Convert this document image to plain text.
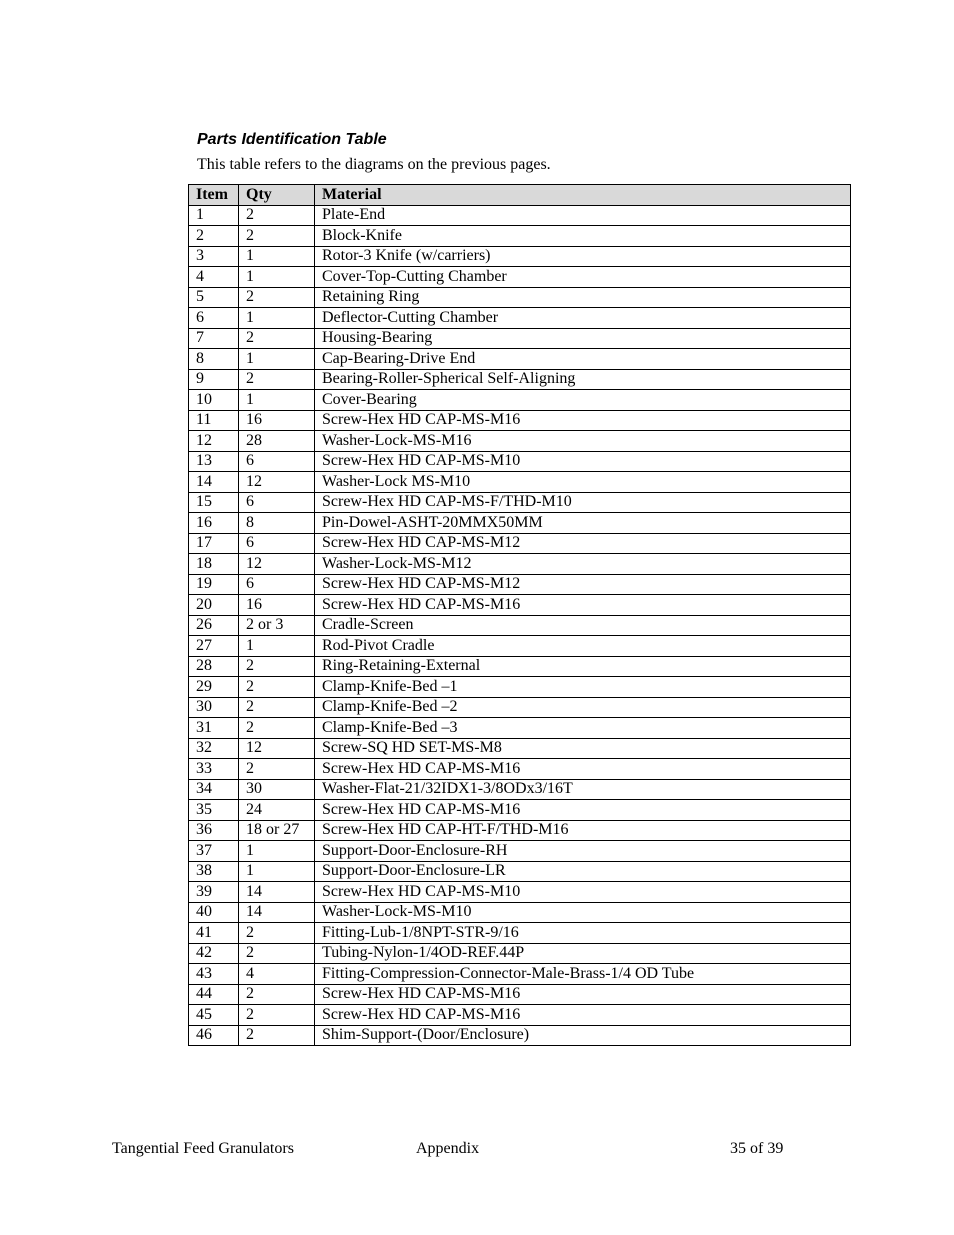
Parts Identification Table

This table refers to the diagrams on the previous pages.

Item	Qty	Material
1	2	Plate-End
2	2	Block-Knife
3	1	Rotor-3 Knife (w/carriers)
4	1	Cover-Top-Cutting Chamber
5	2	Retaining Ring
6	1	Deflector-Cutting Chamber
7	2	Housing-Bearing
8	1	Cap-Bearing-Drive End
9	2	Bearing-Roller-Spherical Self-Aligning
10	1	Cover-Bearing
11	16	Screw-Hex HD CAP-MS-M16
12	28	Washer-Lock-MS-M16
13	6	Screw-Hex HD CAP-MS-M10
14	12	Washer-Lock MS-M10
15	6	Screw-Hex HD CAP-MS-F/THD-M10
16	8	Pin-Dowel-ASHT-20MMX50MM
17	6	Screw-Hex HD CAP-MS-M12
18	12	Washer-Lock-MS-M12
19	6	Screw-Hex HD CAP-MS-M12
20	16	Screw-Hex HD CAP-MS-M16
26	2 or 3	Cradle-Screen
27	1	Rod-Pivot Cradle
28	2	Ring-Retaining-External
29	2	Clamp-Knife-Bed –1
30	2	Clamp-Knife-Bed –2
31	2	Clamp-Knife-Bed –3
32	12	Screw-SQ HD SET-MS-M8
33	2	Screw-Hex HD CAP-MS-M16
34	30	Washer-Flat-21/32IDX1-3/8ODx3/16T
35	24	Screw-Hex HD CAP-MS-M16
36	18 or 27	Screw-Hex HD CAP-HT-F/THD-M16
37	1	Support-Door-Enclosure-RH
38	1	Support-Door-Enclosure-LR
39	14	Screw-Hex HD CAP-MS-M10
40	14	Washer-Lock-MS-M10
41	2	Fitting-Lub-1/8NPT-STR-9/16
42	2	Tubing-Nylon-1/4OD-REF.44P
43	4	Fitting-Compression-Connector-Male-Brass-1/4 OD Tube
44	2	Screw-Hex HD CAP-MS-M16
45	2	Screw-Hex HD CAP-MS-M16
46	2	Shim-Support-(Door/Enclosure)

Tangential Feed Granulators	Appendix	35 of 39
